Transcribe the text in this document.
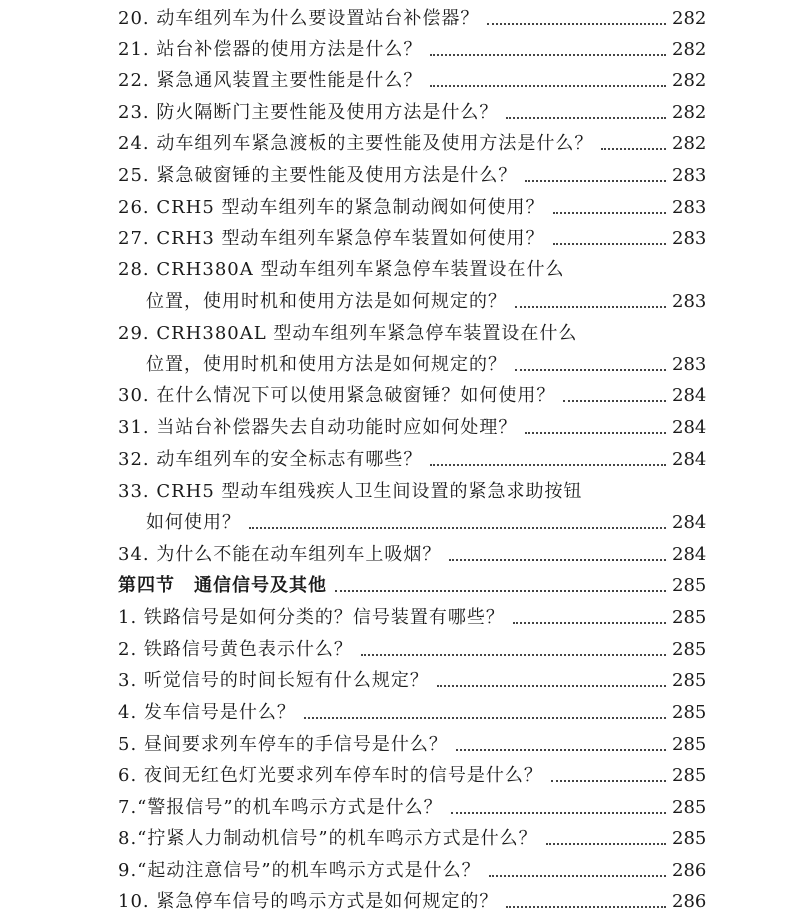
20. 动车组列车为什么要设置站台补偿器？	282
21. 站台补偿器的使用方法是什么？	282
22. 紧急通风装置主要性能是什么？	282
23. 防火隔断门主要性能及使用方法是什么？	282
24. 动车组列车紧急渡板的主要性能及使用方法是什么？	282
25. 紧急破窗锤的主要性能及使用方法是什么？	283
26. CRH5 型动车组列车的紧急制动阀如何使用？	283
27. CRH3 型动车组列车紧急停车装置如何使用？	283
28. CRH380A 型动车组列车紧急停车装置设在什么
位置，使用时机和使用方法是如何规定的？	283
29. CRH380AL 型动车组列车紧急停车装置设在什么
位置，使用时机和使用方法是如何规定的？	283
30. 在什么情况下可以使用紧急破窗锤？如何使用？	284
31. 当站台补偿器失去自动功能时应如何处理？	284
32. 动车组列车的安全标志有哪些？	284
33. CRH5 型动车组残疾人卫生间设置的紧急求助按钮
如何使用？	284
34. 为什么不能在动车组列车上吸烟？	284
第四节　通信信号及其他	285
1. 铁路信号是如何分类的？信号装置有哪些？	285
2. 铁路信号黄色表示什么？	285
3. 听觉信号的时间长短有什么规定？	285
4. 发车信号是什么？	285
5. 昼间要求列车停车的手信号是什么？	285
6. 夜间无红色灯光要求列车停车时的信号是什么？	285
7.“警报信号”的机车鸣示方式是什么？	285
8.“拧紧人力制动机信号”的机车鸣示方式是什么？	285
9.“起动注意信号”的机车鸣示方式是什么？	286
10. 紧急停车信号的鸣示方式是如何规定的？	286
